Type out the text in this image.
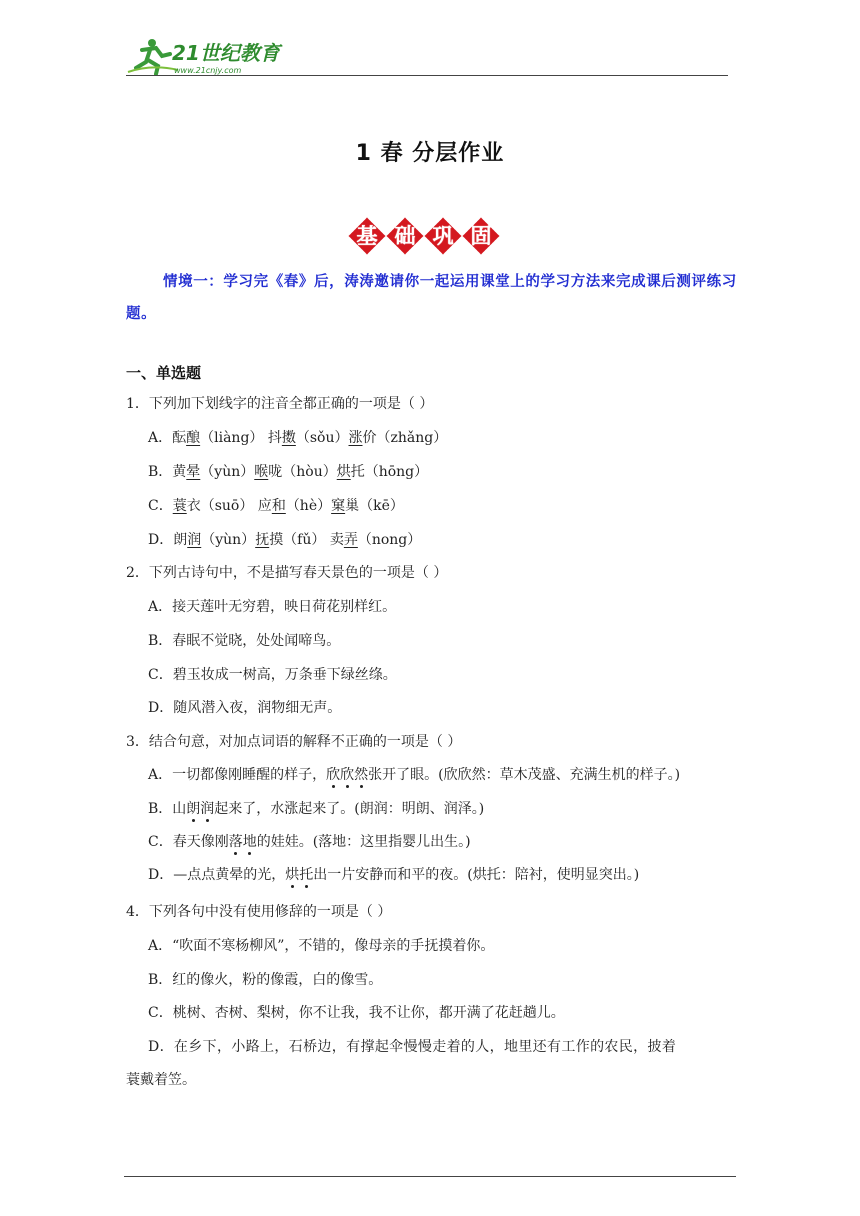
21世纪教育
www.21cnjy.com
1 春 分层作业
基 础 巩 固
情境一：学习完《春》后，涛涛邀请你一起运用课堂上的学习方法来完成课后测评练习题。
一、单选题
1．下列加下划线字的注音全都正确的一项是（ ）
A．酝酿（liàng） 抖擞（sǒu）涨价（zhǎng）
B．黄晕（yùn）喉咙（hòu）烘托（hōng）
C．蓑衣（suō） 应和（hè）窠巢（kē）
D．朗润（yùn）抚摸（fǔ） 卖弄（nong）
2．下列古诗句中，不是描写春天景色的一项是（ ）
A．接天莲叶无穷碧，映日荷花别样红。
B．春眠不觉晓，处处闻啼鸟。
C．碧玉妆成一树高，万条垂下绿丝绦。
D．随风潜入夜，润物细无声。
3．结合句意，对加点词语的解释不正确的一项是（ ）
A．一切都像刚睡醒的样子，欣欣然张开了眼。(欣欣然：草木茂盛、充满生机的样子。)
B．山朗润起来了，水涨起来了。(朗润：明朗、润泽。)
C．春天像刚落地的娃娃。(落地：这里指婴儿出生。)
D．—点点黄晕的光，烘托出一片安静而和平的夜。(烘托：陪衬，使明显突出。)
4．下列各句中没有使用修辞的一项是（ ）
A．“吹面不寒杨柳风”，不错的，像母亲的手抚摸着你。
B．红的像火，粉的像霞，白的像雪。
C．桃树、杏树、梨树，你不让我，我不让你，都开满了花赶趟儿。
D．在乡下，小路上，石桥边，有撑起伞慢慢走着的人，地里还有工作的农民，披着
蓑戴着笠。
